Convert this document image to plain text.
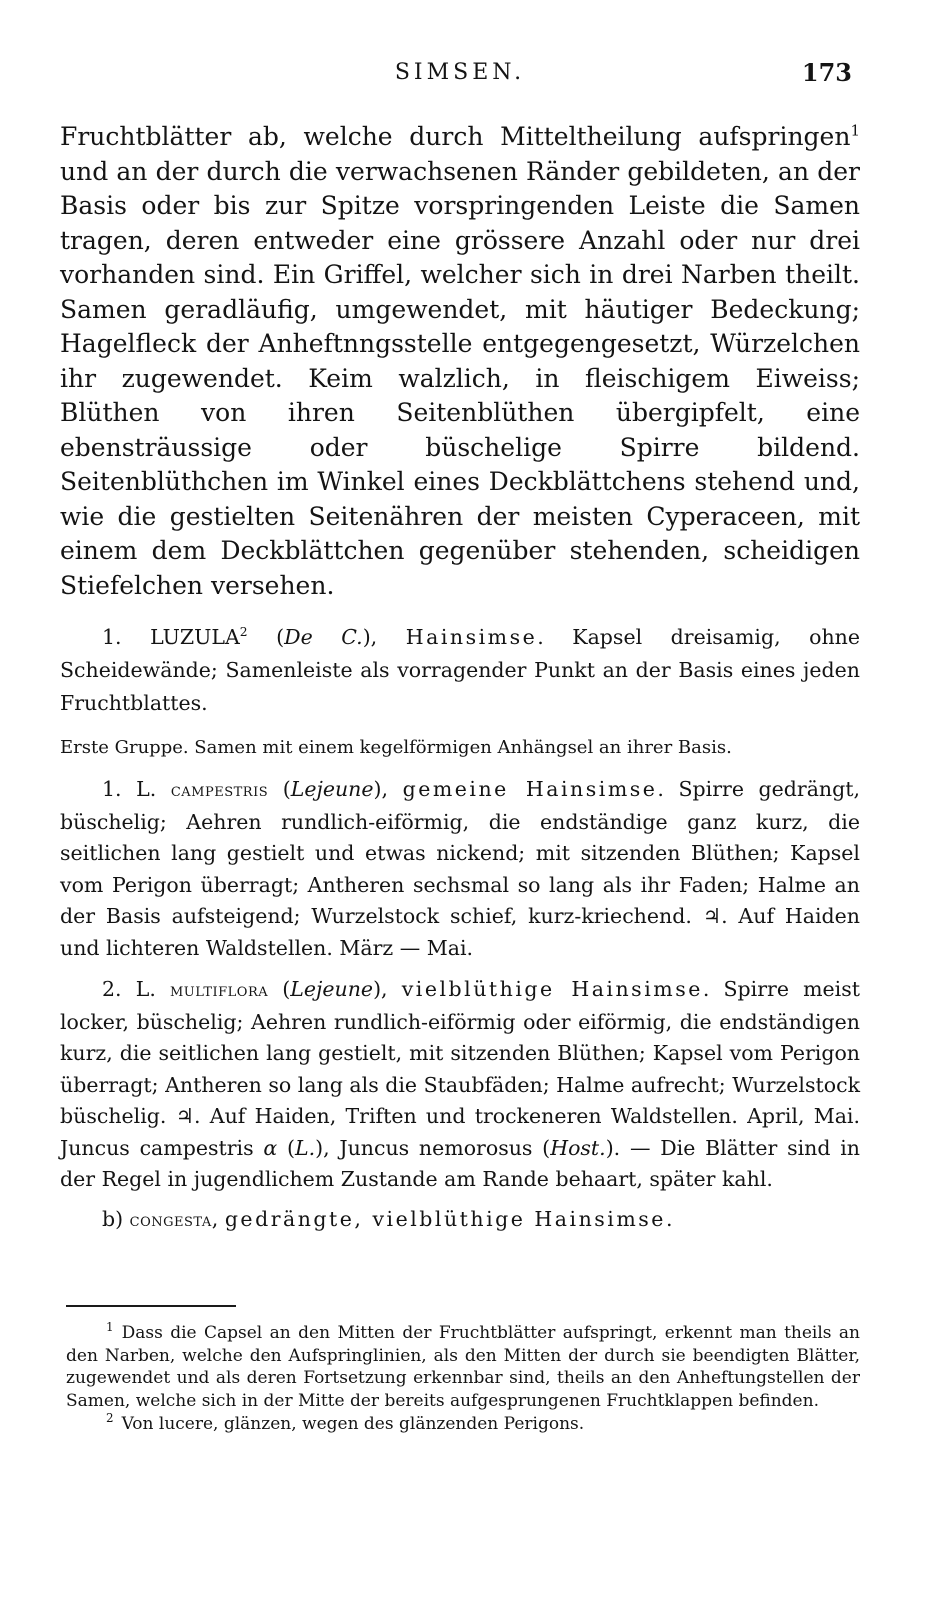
SIMSEN.	173

Fruchtblätter ab, welche durch Mitteltheilung aufspringen$^1$ und an der durch die verwachsenen Ränder gebildeten, an der Basis oder bis zur Spitze vorspringenden Leiste die Samen tragen, deren entweder eine grössere Anzahl oder nur drei vorhanden sind. Ein Griffel, welcher sich in drei Narben theilt. Samen geradläufig, umgewendet, mit häutiger Bedeckung; Hagelfleck der Anheftnngsstelle entgegengesetzt, Würzelchen ihr zugewendet. Keim walzlich, in fleischigem Eiweiss; Blüthen von ihren Seitenblüthen übergipfelt, eine ebensträussige oder büschelige Spirre bildend. Seitenblüthchen im Winkel eines Deckblättchens stehend und, wie die gestielten Seitenähren der meisten Cyperaceen, mit einem dem Deckblättchen gegenüber stehenden, scheidigen Stiefelchen versehen.

1. LUZULA$^2$ (De C.), Hainsimse. Kapsel dreisamig, ohne Scheidewände; Samenleiste als vorragender Punkt an der Basis eines jeden Fruchtblattes.

Erste Gruppe. Samen mit einem kegelförmigen Anhängsel an ihrer Basis.

1. L. campestris (Lejeune), gemeine Hainsimse. Spirre gedrängt, büschelig; Aehren rundlich-eiförmig, die endständige ganz kurz, die seitlichen lang gestielt und etwas nickend; mit sitzenden Blüthen; Kapsel vom Perigon überragt; Antheren sechsmal so lang als ihr Faden; Halme an der Basis aufsteigend; Wurzelstock schief, kurz-kriechend. ♃. Auf Haiden und lichteren Waldstellen. März — Mai.

2. L. multiflora (Lejeune), vielblüthige Hainsimse. Spirre meist locker, büschelig; Aehren rundlich-eiförmig oder eiförmig, die endständigen kurz, die seitlichen lang gestielt, mit sitzenden Blüthen; Kapsel vom Perigon überragt; Antheren so lang als die Staubfäden; Halme aufrecht; Wurzelstock büschelig. ♃. Auf Haiden, Triften und trockeneren Waldstellen. April, Mai. Juncus campestris α (L.), Juncus nemorosus (Host.). — Die Blätter sind in der Regel in jugendlichem Zustande am Rande behaart, später kahl.

b) congesta, gedrängte, vielblüthige Hainsimse.

$^1$ Dass die Capsel an den Mitten der Fruchtblätter aufspringt, erkennt man theils an den Narben, welche den Aufspringlinien, als den Mitten der durch sie beendigten Blätter, zugewendet und als deren Fortsetzung erkennbar sind, theils an den Anheftungstellen der Samen, welche sich in der Mitte der bereits aufgesprungenen Fruchtklappen befinden.

$^2$ Von lucere, glänzen, wegen des glänzenden Perigons.
